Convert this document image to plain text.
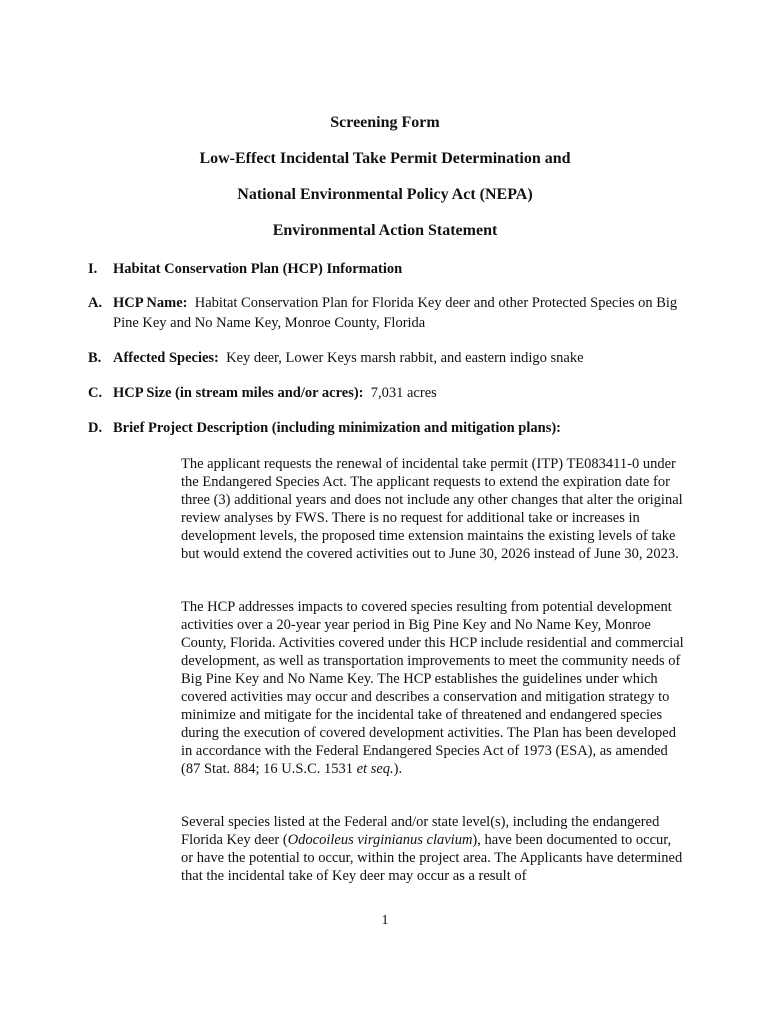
Screening Form
Low-Effect Incidental Take Permit Determination and
National Environmental Policy Act (NEPA)
Environmental Action Statement
I. Habitat Conservation Plan (HCP) Information
A. HCP Name: Habitat Conservation Plan for Florida Key deer and other Protected Species on Big Pine Key and No Name Key, Monroe County, Florida
B. Affected Species: Key deer, Lower Keys marsh rabbit, and eastern indigo snake
C. HCP Size (in stream miles and/or acres): 7,031 acres
D. Brief Project Description (including minimization and mitigation plans):

The applicant requests the renewal of incidental take permit (ITP) TE083411-0 under the Endangered Species Act. The applicant requests to extend the expiration date for three (3) additional years and does not include any other changes that alter the original review analyses by FWS. There is no request for additional take or increases in development levels, the proposed time extension maintains the existing levels of take but would extend the covered activities out to June 30, 2026 instead of June 30, 2023.

The HCP addresses impacts to covered species resulting from potential development activities over a 20-year year period in Big Pine Key and No Name Key, Monroe County, Florida. Activities covered under this HCP include residential and commercial development, as well as transportation improvements to meet the community needs of Big Pine Key and No Name Key. The HCP establishes the guidelines under which covered activities may occur and describes a conservation and mitigation strategy to minimize and mitigate for the incidental take of threatened and endangered species during the execution of covered development activities. The Plan has been developed in accordance with the Federal Endangered Species Act of 1973 (ESA), as amended (87 Stat. 884; 16 U.S.C. 1531 et seq.).

Several species listed at the Federal and/or state level(s), including the endangered Florida Key deer (Odocoileus virginianus clavium), have been documented to occur, or have the potential to occur, within the project area. The Applicants have determined that the incidental take of Key deer may occur as a result of

1
